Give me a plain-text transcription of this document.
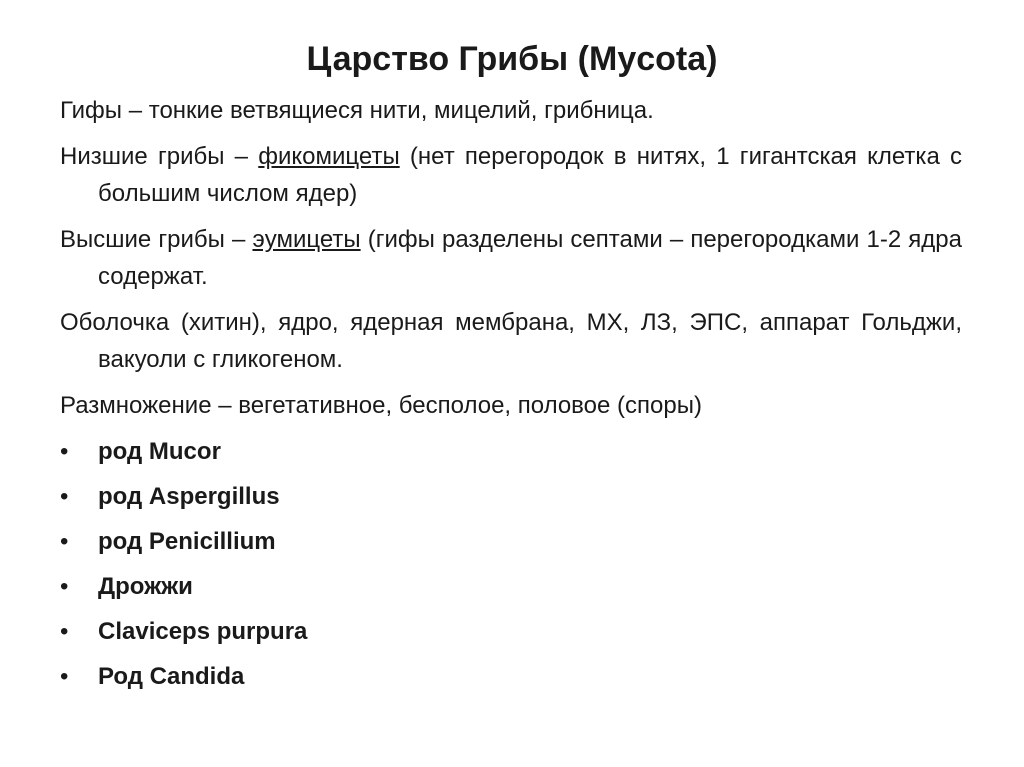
Царство Грибы (Mycota)

Гифы – тонкие ветвящиеся нити, мицелий, грибница.

Низшие грибы – фикомицеты (нет перегородок в нитях, 1 гигантская клетка с большим числом ядер)

Высшие грибы – эумицеты (гифы разделены септами – перегородками 1-2 ядра содержат.

Оболочка (хитин), ядро, ядерная мембрана, МХ, ЛЗ, ЭПС, аппарат Гольджи, вакуоли с гликогеном.

Размножение – вегетативное, бесполое, половое (споры)

• род Mucor
• род Aspergillus
• род Penicillium
• Дрожжи
• Claviceps purpura
• Род Candida
